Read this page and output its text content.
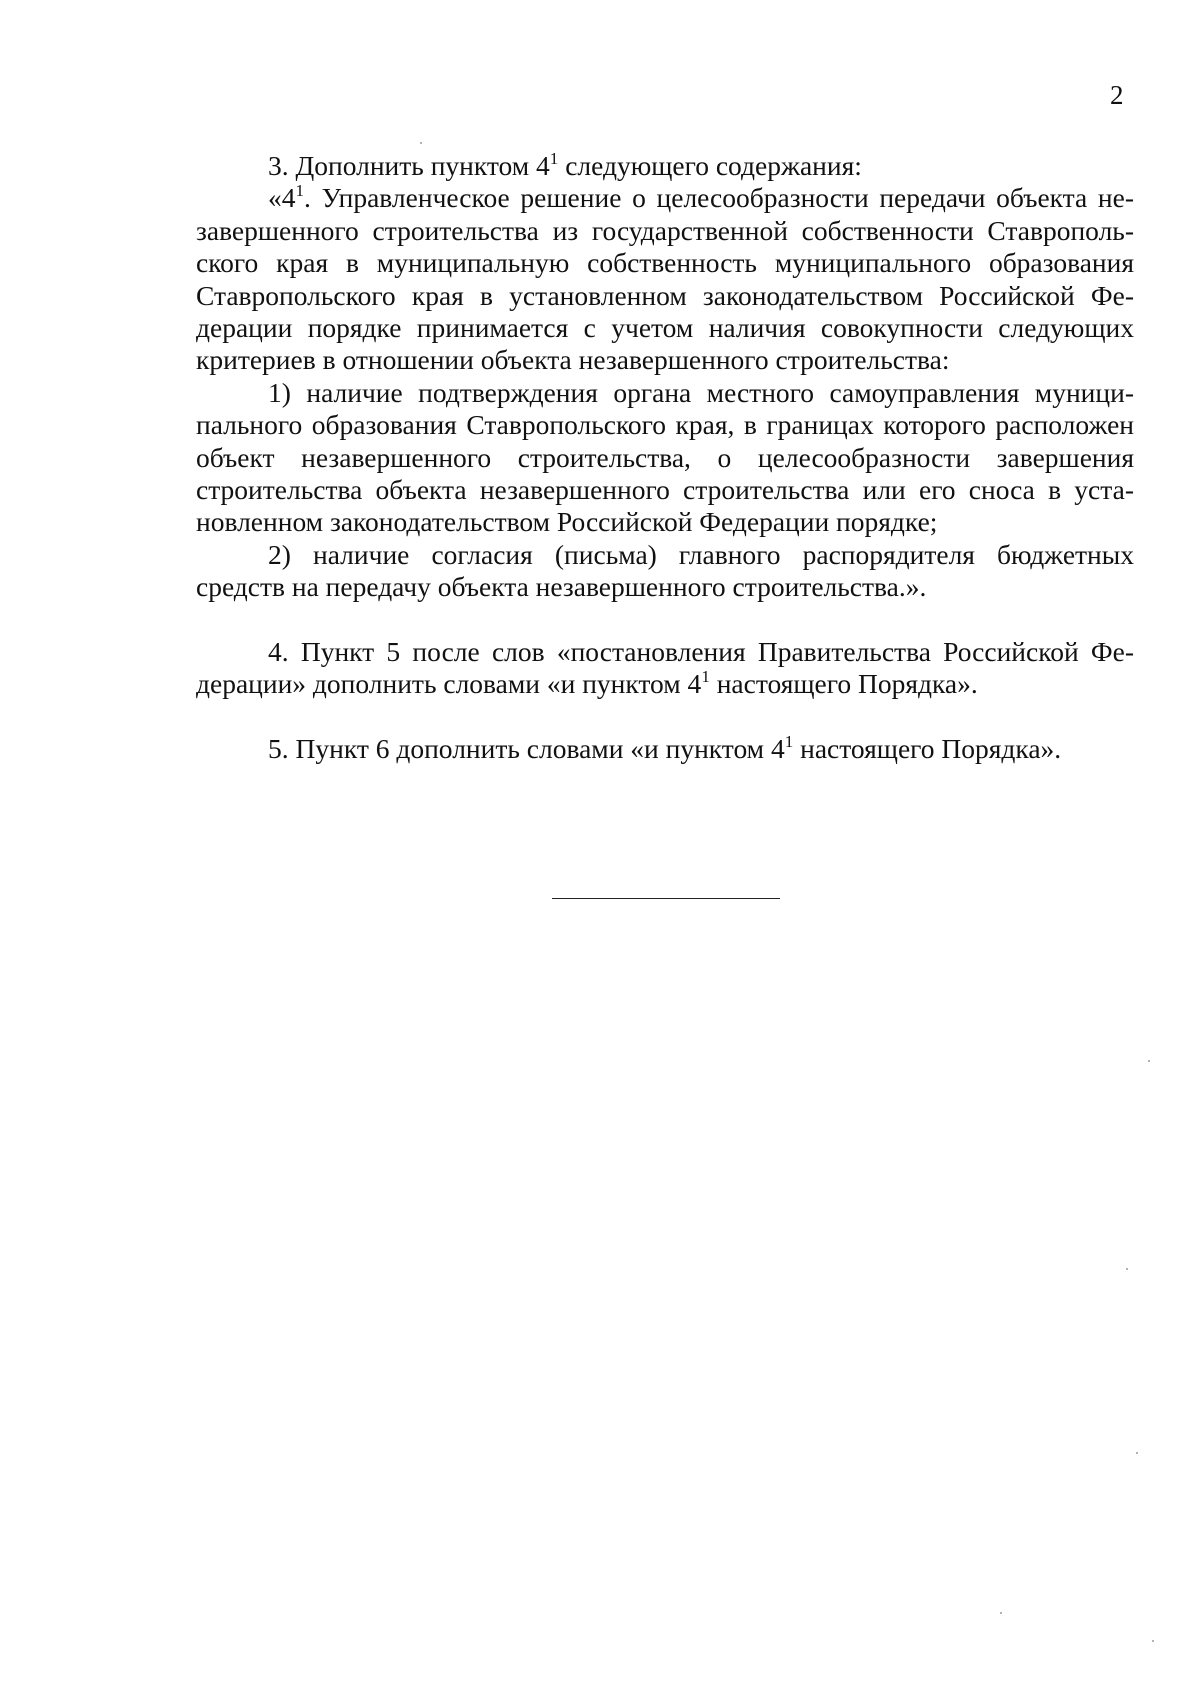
2

3. Дополнить пунктом $4^1$ следующего содержания:

«$4^1$. Управленческое решение о целесообразности передачи объекта незавершенного строительства из государственной собственности Ставропольского края в муниципальную собственность муниципального образования Ставропольского края в установленном законодательством Российской Федерации порядке принимается с учетом наличия совокупности следующих критериев в отношении объекта незавершенного строительства:

1) наличие подтверждения органа местного самоуправления муниципального образования Ставропольского края, в границах которого расположен объект незавершенного строительства, о целесообразности завершения строительства объекта незавершенного строительства или его сноса в установленном законодательством Российской Федерации порядке;

2) наличие согласия (письма) главного распорядителя бюджетных средств на передачу объекта незавершенного строительства.».

4. Пункт 5 после слов «постановления Правительства Российской Федерации» дополнить словами «и пунктом $4^1$ настоящего Порядка».

5. Пункт 6 дополнить словами «и пунктом $4^1$ настоящего Порядка».
